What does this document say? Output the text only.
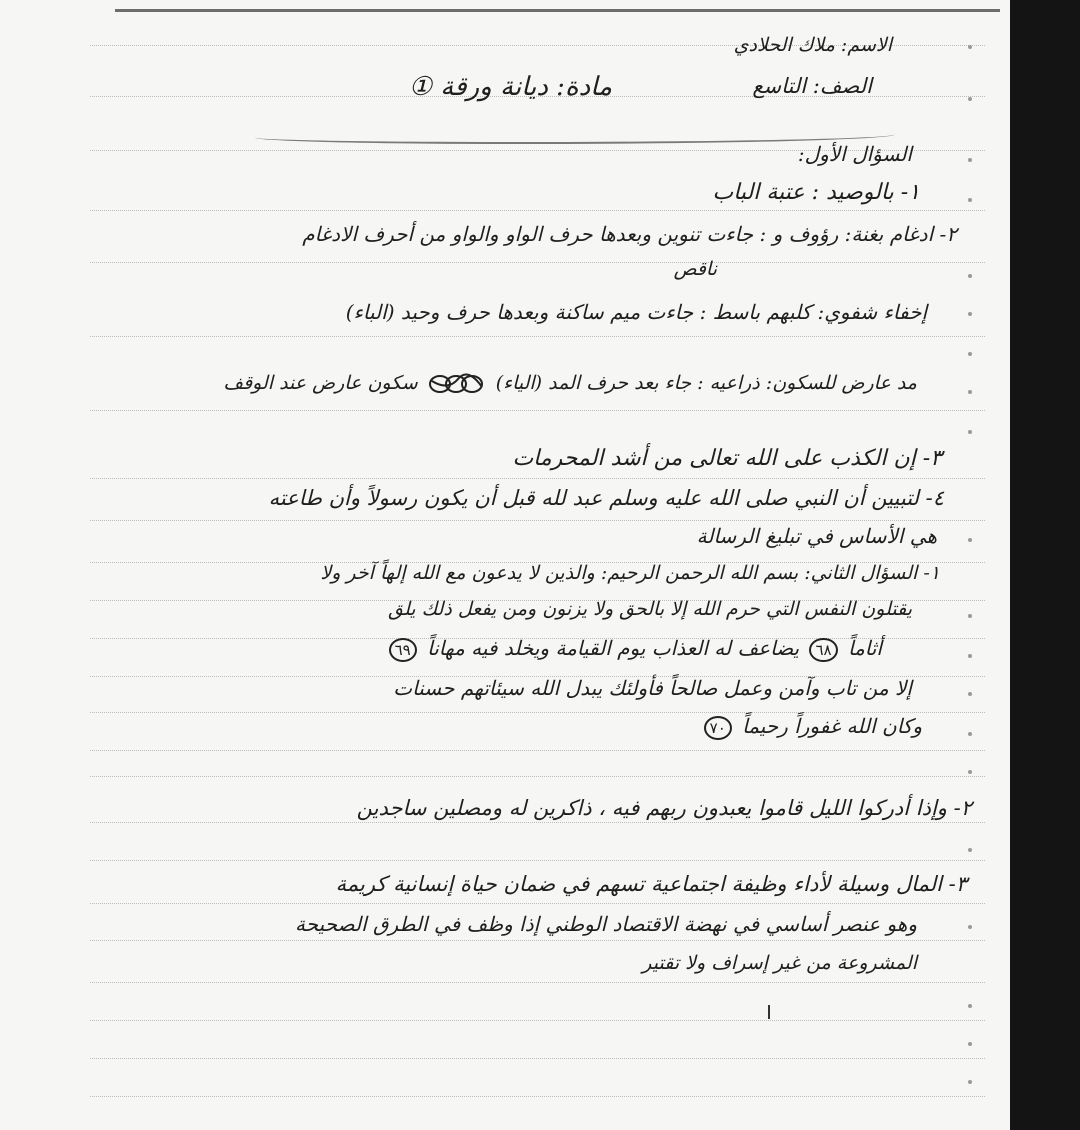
الاسم: ملاك الحلادي
الصف: التاسع
مادة: ديانة ورقة ①
السؤال الأول:
١- بالوصيد : عتبة الباب
٢- ادغام بغنة: رؤوف و : جاءت تنوين وبعدها حرف الواو والواو من أحرف الادغام
ناقص
إخفاء شفوي: كلبهم باسط : جاءت ميم ساكنة وبعدها حرف وحيد (الباء)
مد عارض للسكون: ذراعيه : جاء بعد حرف المد (الياء)  سكون عارض عند الوقف
٣- إن الكذب على الله تعالى من أشد المحرمات
٤- لتبيين أن النبي صلى الله عليه وسلم عبد لله قبل أن يكون رسولاً وأن طاعته
هي الأساس في تبليغ الرسالة
١- السؤال الثاني: بسم الله الرحمن الرحيم: والذين لا يدعون مع الله إلهاً آخر ولا
يقتلون النفس التي حرم الله إلا بالحق ولا يزنون ومن يفعل ذلك يلق
أثاماً ٦٨ يضاعف له العذاب يوم القيامة ويخلد فيه مهاناً ٦٩
إلا من تاب وآمن وعمل صالحاً فأولئك يبدل الله سيئاتهم حسنات
وكان الله غفوراً رحيماً ٧٠
٢- وإذا أدركوا الليل قاموا يعبدون ربهم فيه ، ذاكرين له ومصلين ساجدين
٣- المال وسيلة لأداء وظيفة اجتماعية تسهم في ضمان حياة إنسانية كريمة
وهو عنصر أساسي في نهضة الاقتصاد الوطني إذا وظف في الطرق الصحيحة
المشروعة من غير إسراف ولا تقتير
